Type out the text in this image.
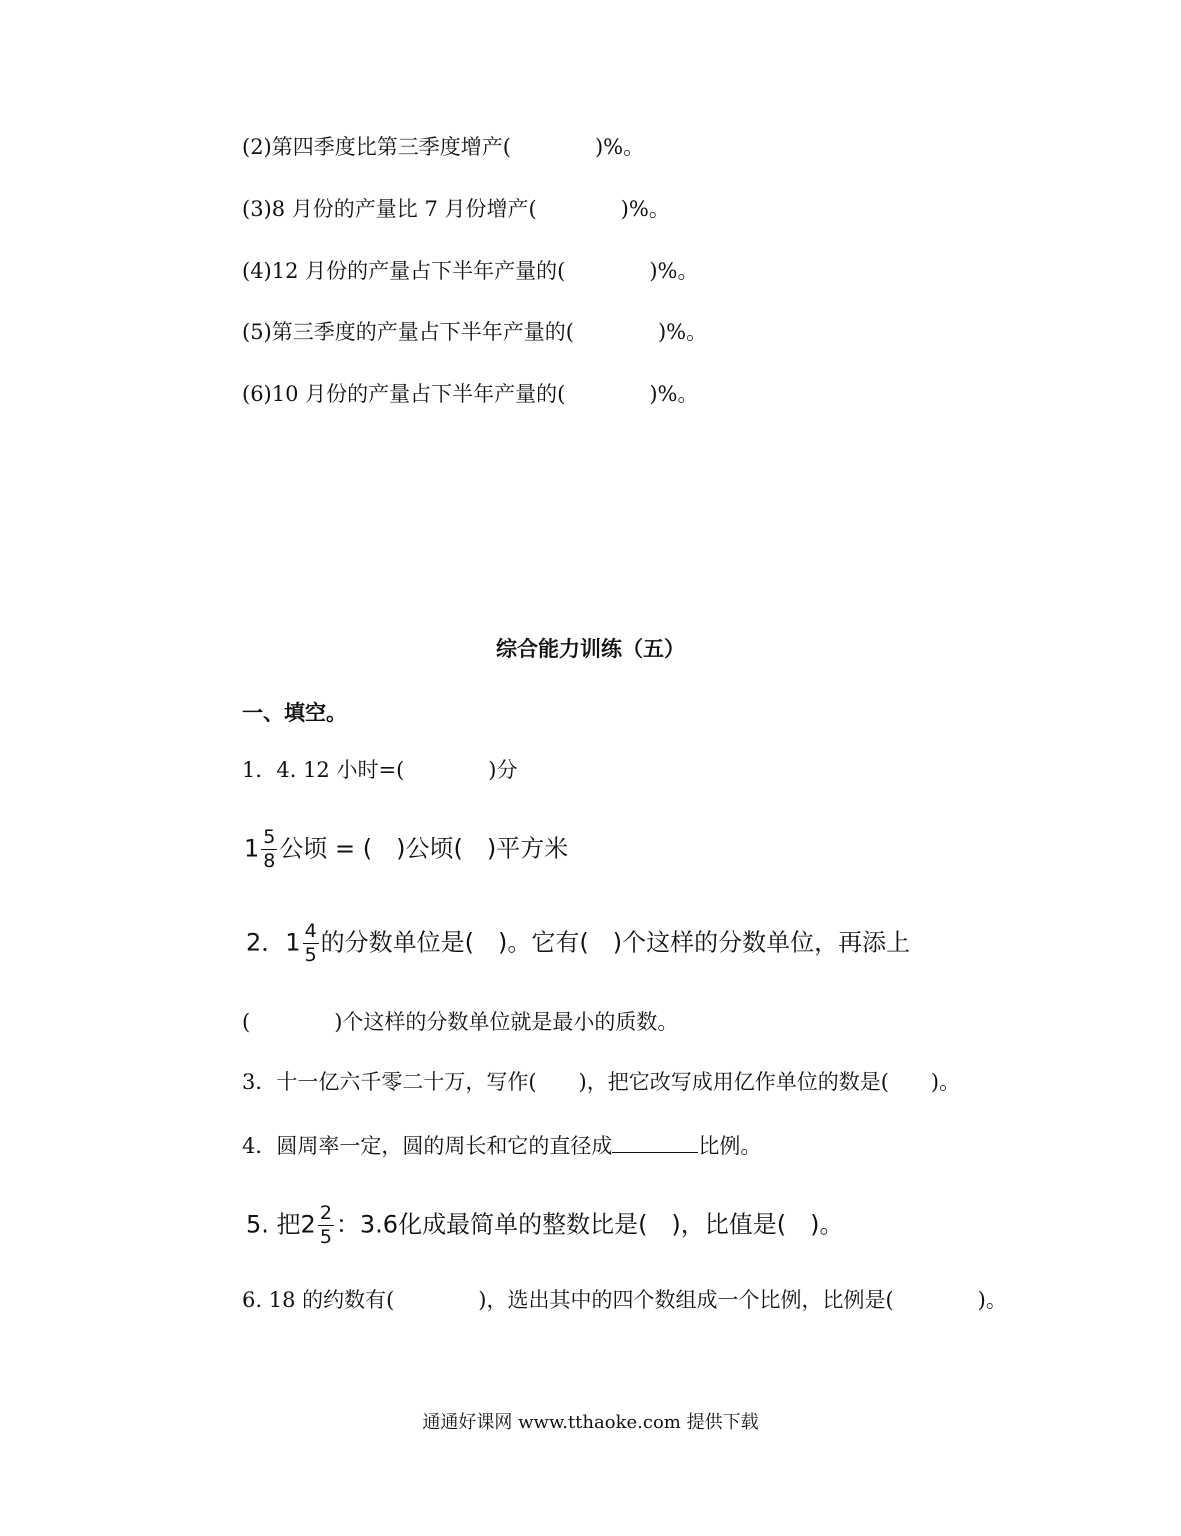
(2)第四季度比第三季度增产(　　　　)%。
(3)8 月份的产量比 7 月份增产(　　　　)%。
(4)12 月份的产量占下半年产量的(　　　　)%。
(5)第三季度的产量占下半年产量的(　　　　)%。
(6)10 月份的产量占下半年产量的(　　　　)%。
综合能力训练（五）
一、填空。
1．4. 12 小时=(　　　　)分
$1 \frac{5}{8}$ 公顷 = (　)公顷(　)平方米
2．$1 \frac{4}{5}$ 的分数单位是(　)。它有(　)个这样的分数单位，再添上
(　　　　)个这样的分数单位就是最小的质数。
3．十一亿六千零二十万，写作(　　)，把它改写成用亿作单位的数是(　　)。
4．圆周率一定，圆的周长和它的直径成	比例。
5. 把$2 \frac{2}{5}$ ：3.6化成最简单的整数比是(　)，比值是(　)。
6. 18 的约数有(　　　　)，选出其中的四个数组成一个比例，比例是(　　　　)。
通通好课网 www.tthaoke.com 提供下载
